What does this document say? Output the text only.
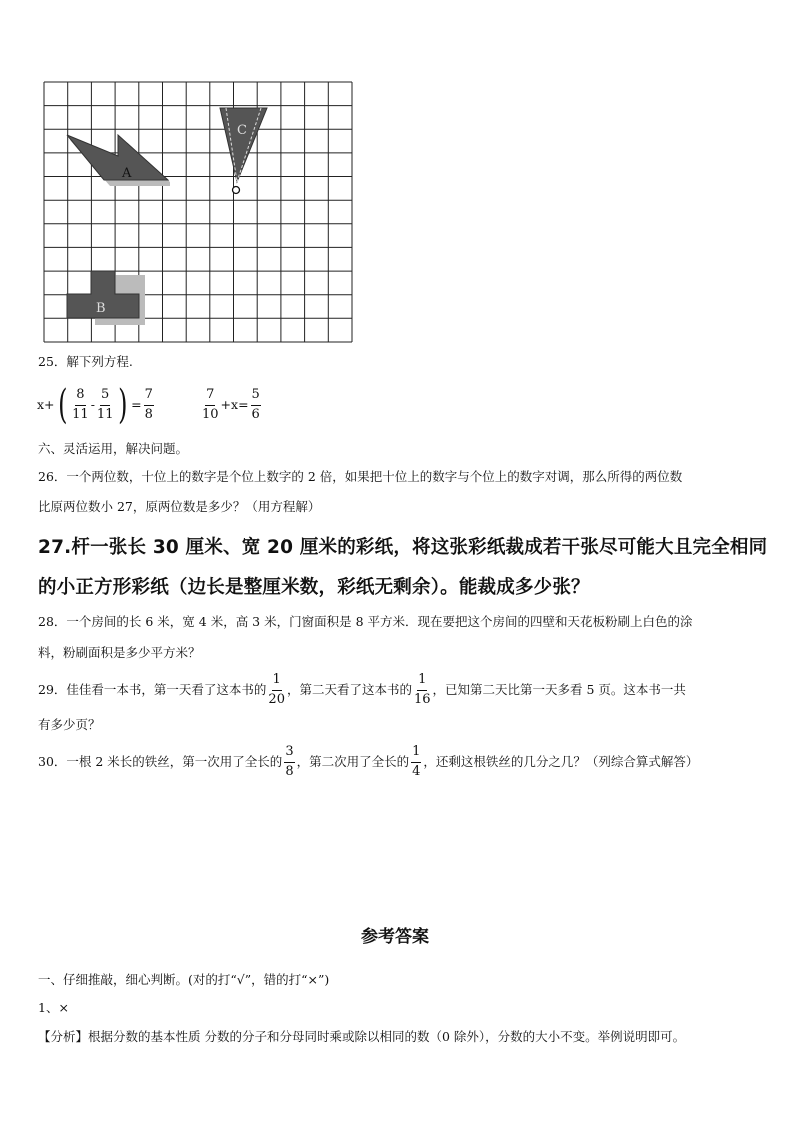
A
B
C
25．解下列方程.
x+ ( $\frac{8}{11} - \frac{5}{11}$ ) = $\frac{7}{8}$	$\frac{7}{10} +x= \frac{5}{6}$
六、灵活运用，解决问题。
26．一个两位数，十位上的数字是个位上数字的 2 倍，如果把十位上的数字与个位上的数字对调，那么所得的两位数
比原两位数小 27，原两位数是多少？（用方程解）
27.杆一张长 30 厘米、宽 20 厘米的彩纸，将这张彩纸裁成若干张尽可能大且完全相同
的小正方形彩纸（边长是整厘米数，彩纸无剩余）。能裁成多少张？
28．一个房间的长 6 米，宽 4 米，高 3 米，门窗面积是 8 平方米．现在要把这个房间的四壁和天花板粉刷上白色的涂
料，粉刷面积是多少平方米？
29．佳佳看一本书，第一天看了这本书的 $\frac{1}{20}$ ，第二天看了这本书的 $\frac{1}{16}$ ，已知第二天比第一天多看 5 页。这本书一共
有多少页？
30．一根 2 米长的铁丝，第一次用了全长的 $\frac{3}{8}$ ，第二次用了全长的 $\frac{1}{4}$ ，还剩这根铁丝的几分之几？（列综合算式解答）
参考答案
一、仔细推敲，细心判断。(对的打“√”，错的打“×”)
1、×
【分析】根据分数的基本性质 分数的分子和分母同时乘或除以相同的数（0 除外），分数的大小不变。举例说明即可。
